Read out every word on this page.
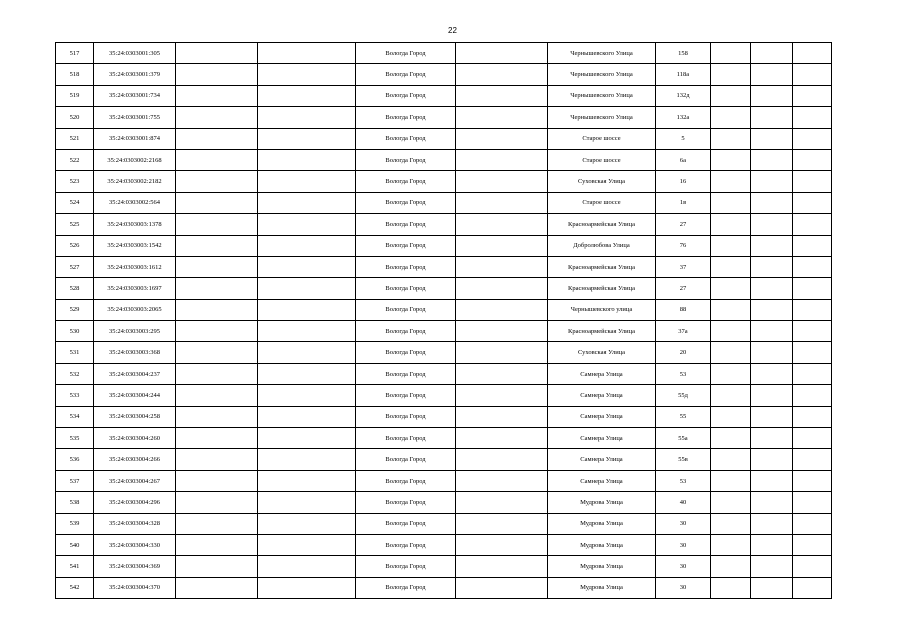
22
517	35:24:0303001:305			Вологда Город		Чернышевского Улица	158			
518	35:24:0303001:379			Вологда Город		Чернышевского Улица	118а			
519	35:24:0303001:734			Вологда Город		Чернышевского Улица	132д			
520	35:24:0303001:755			Вологда Город		Чернышевского Улица	132а			
521	35:24:0303001:874			Вологда Город		Старое шоссе	5			
522	35:24:0303002:2168			Вологда Город		Старое шоссе	6а			
523	35:24:0303002:2182			Вологда Город		Суховская Улица	16			
524	35:24:0303002:564			Вологда Город		Старое шоссе	1в			
525	35:24:0303003:1378			Вологда Город		Красноармейская Улица	27			
526	35:24:0303003:1542			Вологда Город		Добролюбова Улица	76			
527	35:24:0303003:1612			Вологда Город		Красноармейская Улица	37			
528	35:24:0303003:1697			Вологда Город		Красноармейская Улица	27			
529	35:24:0303003:2065			Вологда Город		Чернышевского улица	88			
530	35:24:0303003:295			Вологда Город		Красноармейская Улица	37а			
531	35:24:0303003:368			Вологда Город		Суховская Улица	20			
532	35:24:0303004:237			Вологда Город		Самнера Улица	53			
533	35:24:0303004:244			Вологда Город		Самнера Улица	55д			
534	35:24:0303004:258			Вологда Город		Самнера Улица	55			
535	35:24:0303004:260			Вологда Город		Самнера Улица	55а			
536	35:24:0303004:266			Вологда Город		Самнера Улица	55в			
537	35:24:0303004:267			Вологда Город		Самнера Улица	53			
538	35:24:0303004:296			Вологда Город		Мудрова Улица	40			
539	35:24:0303004:328			Вологда Город		Мудрова Улица	30			
540	35:24:0303004:330			Вологда Город		Мудрова Улица	30			
541	35:24:0303004:369			Вологда Город		Мудрова Улица	30			
542	35:24:0303004:370			Вологда Город		Мудрова Улица	30			
